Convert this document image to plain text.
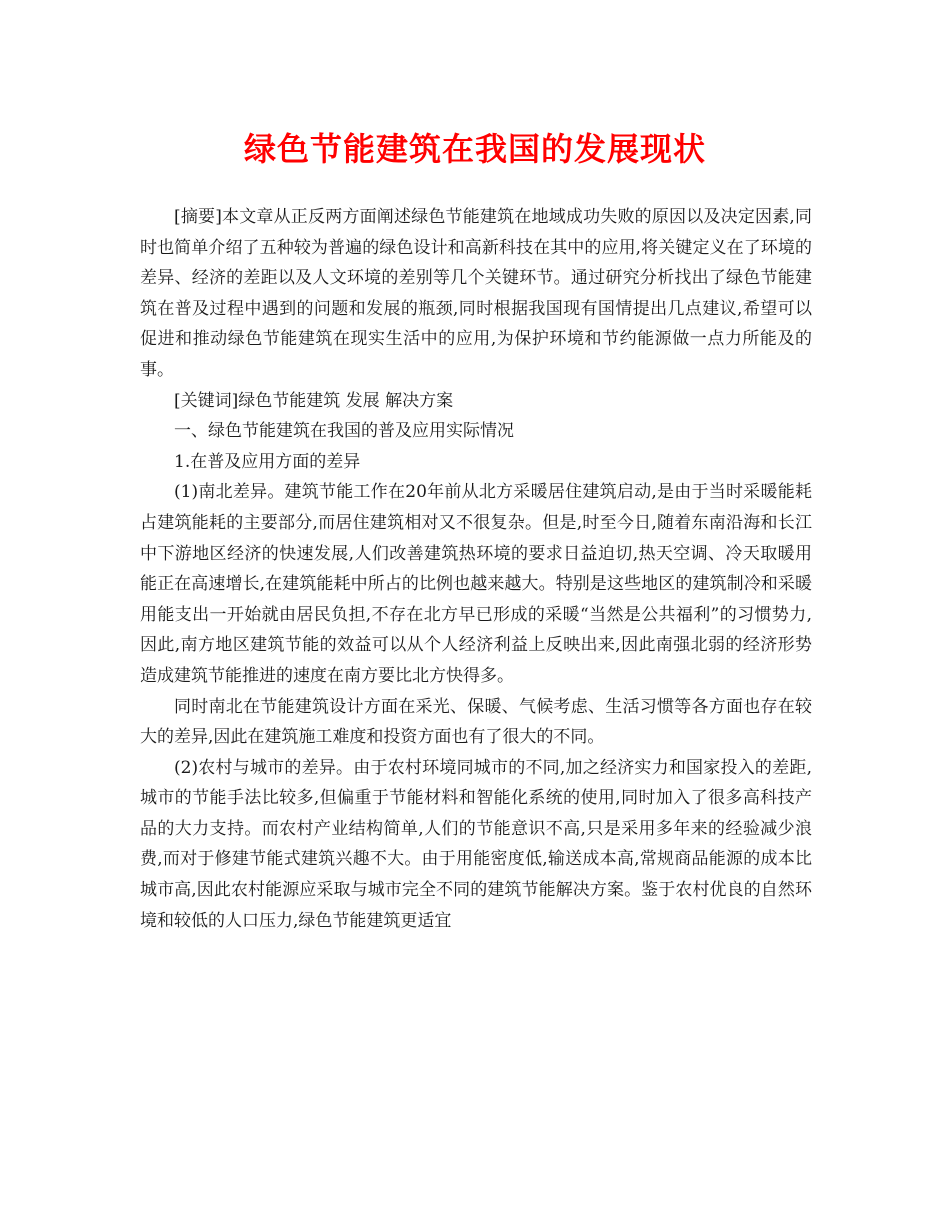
绿色节能建筑在我国的发展现状

[摘要]本文章从正反两方面阐述绿色节能建筑在地域成功失败的原因以及决定因素,同时也简单介绍了五种较为普遍的绿色设计和高新科技在其中的应用,将关键定义在了环境的差异、经济的差距以及人文环境的差别等几个关键环节。通过研究分析找出了绿色节能建筑在普及过程中遇到的问题和发展的瓶颈,同时根据我国现有国情提出几点建议,希望可以促进和推动绿色节能建筑在现实生活中的应用,为保护环境和节约能源做一点力所能及的事。

[关键词]绿色节能建筑 发展 解决方案

一、绿色节能建筑在我国的普及应用实际情况

1.在普及应用方面的差异

(1)南北差异。建筑节能工作在20年前从北方采暖居住建筑启动,是由于当时采暖能耗占建筑能耗的主要部分,而居住建筑相对又不很复杂。但是,时至今日,随着东南沿海和长江中下游地区经济的快速发展,人们改善建筑热环境的要求日益迫切,热天空调、冷天取暖用能正在高速增长,在建筑能耗中所占的比例也越来越大。特别是这些地区的建筑制冷和采暖用能支出一开始就由居民负担,不存在北方早已形成的采暖“当然是公共福利”的习惯势力,因此,南方地区建筑节能的效益可以从个人经济利益上反映出来,因此南强北弱的经济形势造成建筑节能推进的速度在南方要比北方快得多。

同时南北在节能建筑设计方面在采光、保暖、气候考虑、生活习惯等各方面也存在较大的差异,因此在建筑施工难度和投资方面也有了很大的不同。

(2)农村与城市的差异。由于农村环境同城市的不同,加之经济实力和国家投入的差距,城市的节能手法比较多,但偏重于节能材料和智能化系统的使用,同时加入了很多高科技产品的大力支持。而农村产业结构简单,人们的节能意识不高,只是采用多年来的经验减少浪费,而对于修建节能式建筑兴趣不大。由于用能密度低,输送成本高,常规商品能源的成本比城市高,因此农村能源应采取与城市完全不同的建筑节能解决方案。鉴于农村优良的自然环境和较低的人口压力,绿色节能建筑更适宜
